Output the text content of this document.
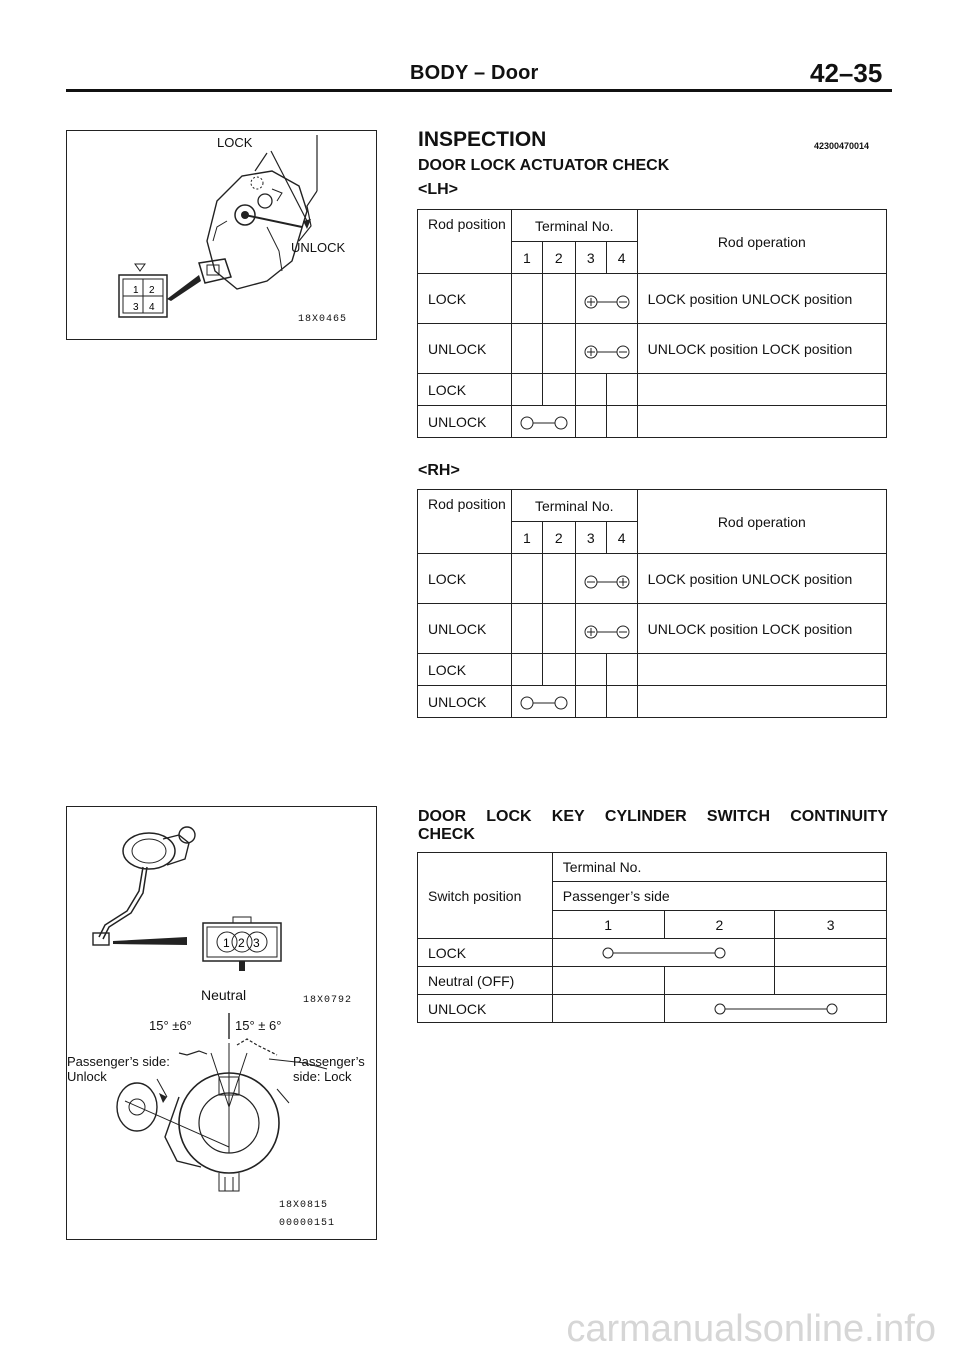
BODY – Door	42–35
1 2
3 4
LOCK
UNLOCK
18X0465
INSPECTION	42300470014
DOOR LOCK ACTUATOR CHECK
<LH>
Rod position	Terminal No.				Rod operation
	1	2	3	4	
LOCK					LOCK position UNLOCK position
UNLOCK					UNLOCK position LOCK position
LOCK					
UNLOCK	

<RH>
Rod position	Terminal No.				Rod operation
	1	2	3	4	
LOCK					LOCK position UNLOCK position
UNLOCK					UNLOCK position LOCK position
LOCK					
UNLOCK	

1 2 3
Neutral	18X0792
15° ±6°	15° ± 6°
Passenger’s side: Unlock
Passenger’s side: Lock
18X0815
00000151
DOOR LOCK KEY CYLINDER SWITCH CONTINUITY
CHECK
Switch position	Terminal No.		
	Passenger’s side		
	1	2	3
LOCK	

Neutral (OFF)			
UNLOCK		
carmanualsonline.info
